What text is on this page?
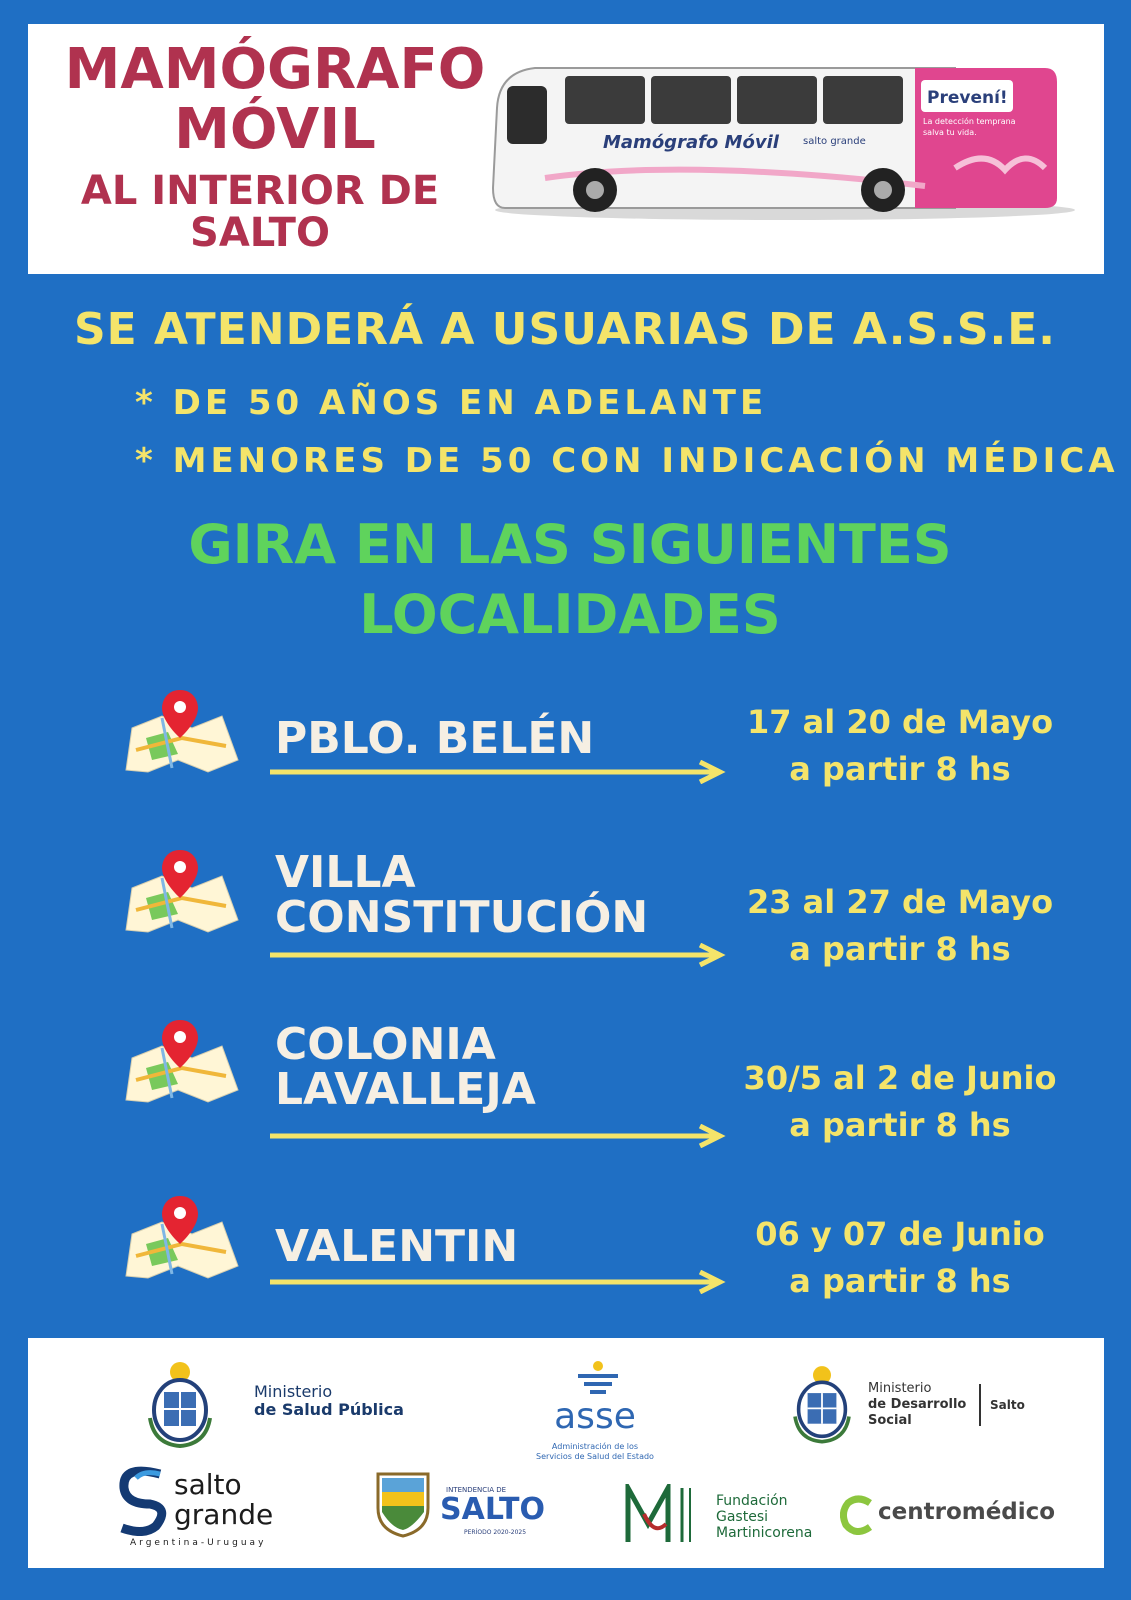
MAMÓGRAFO
MÓVIL
AL INTERIOR DE
SALTO
Mamógrafo Móvil salto grande
Prevení!
La detección temprana
salva tu vida.
SE ATENDERÁ A USUARIAS DE A.S.S.E.
* DE 50 AÑOS EN ADELANTE
* MENORES DE 50 CON INDICACIÓN MÉDICA
GIRA EN LAS SIGUIENTES
LOCALIDADES
PBLO. BELÉN	17 al 20 de Mayo
a partir 8 hs
VILLA
CONSTITUCIÓN	23 al 27 de Mayo
a partir 8 hs
COLONIA
LAVALLEJA	30/5 al 2 de Junio
a partir 8 hs
VALENTIN	06 y 07 de Junio
a partir 8 hs
Ministerio
de Salud Pública	asse
Administración de los
Servicios de Salud del Estado
Ministerio
de Desarrollo
Social
Salto
salto
grande
Argentina-Uruguay
INTENDENCIA DE
SALTO
PERÍODO 2020-2025
Fundación
Gastesi
Martinicorena
centromédico
